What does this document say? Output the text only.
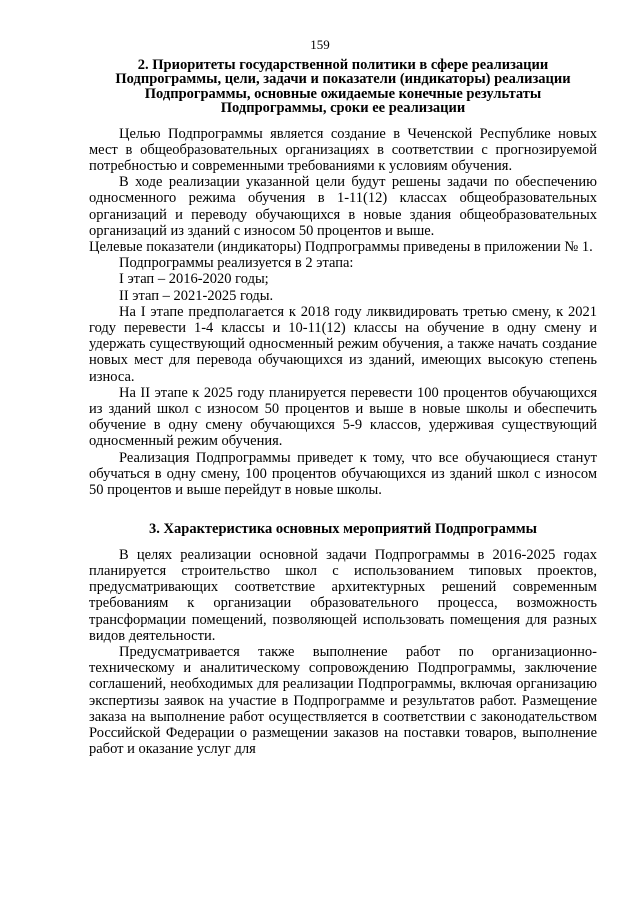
159
2. Приоритеты государственной политики в сфере реализации
Подпрограммы, цели, задачи и показатели (индикаторы) реализации
Подпрограммы, основные ожидаемые конечные результаты
Подпрограммы, сроки ее реализации

Целью Подпрограммы является создание в Чеченской Республике новых мест в общеобразовательных организациях в соответствии с прогнозируемой потребностью и современными требованиями к условиям обучения.

В ходе реализации указанной цели будут решены задачи по обеспечению односменного режима обучения в 1-11(12) классах общеобразовательных организаций и переводу обучающихся в новые здания общеобразовательных организаций из зданий с износом 50 процентов и выше.

Целевые показатели (индикаторы) Подпрограммы приведены в приложении № 1.

Подпрограммы реализуется в 2 этапа:

I этап – 2016-2020 годы;

II этап – 2021-2025 годы.

На I этапе предполагается к 2018 году ликвидировать третью смену, к 2021 году перевести 1-4 классы и 10-11(12) классы на обучение в одну смену и удержать существующий односменный режим обучения, а также начать создание новых мест для перевода обучающихся из зданий, имеющих высокую степень износа.

На II этапе к 2025 году планируется перевести 100 процентов обучающихся из зданий школ с износом 50 процентов и выше в новые школы и обеспечить обучение в одну смену обучающихся 5-9 классов, удерживая существующий односменный режим обучения.

Реализация Подпрограммы приведет к тому, что все обучающиеся станут обучаться в одну смену, 100 процентов обучающихся из зданий школ с износом 50 процентов и выше перейдут в новые школы.

3. Характеристика основных мероприятий Подпрограммы

В целях реализации основной задачи Подпрограммы в 2016-2025 годах планируется строительство школ с использованием типовых проектов, предусматривающих соответствие архитектурных решений современным требованиям к организации образовательного процесса, возможность трансформации помещений, позволяющей использовать помещения для разных видов деятельности.

Предусматривается также выполнение работ по организационно-техническому и аналитическому сопровождению Подпрограммы, заключение соглашений, необходимых для реализации Подпрограммы, включая организацию экспертизы заявок на участие в Подпрограмме и результатов работ. Размещение заказа на выполнение работ осуществляется в соответствии с законодательством Российской Федерации о размещении заказов на поставки товаров, выполнение работ и оказание услуг для
